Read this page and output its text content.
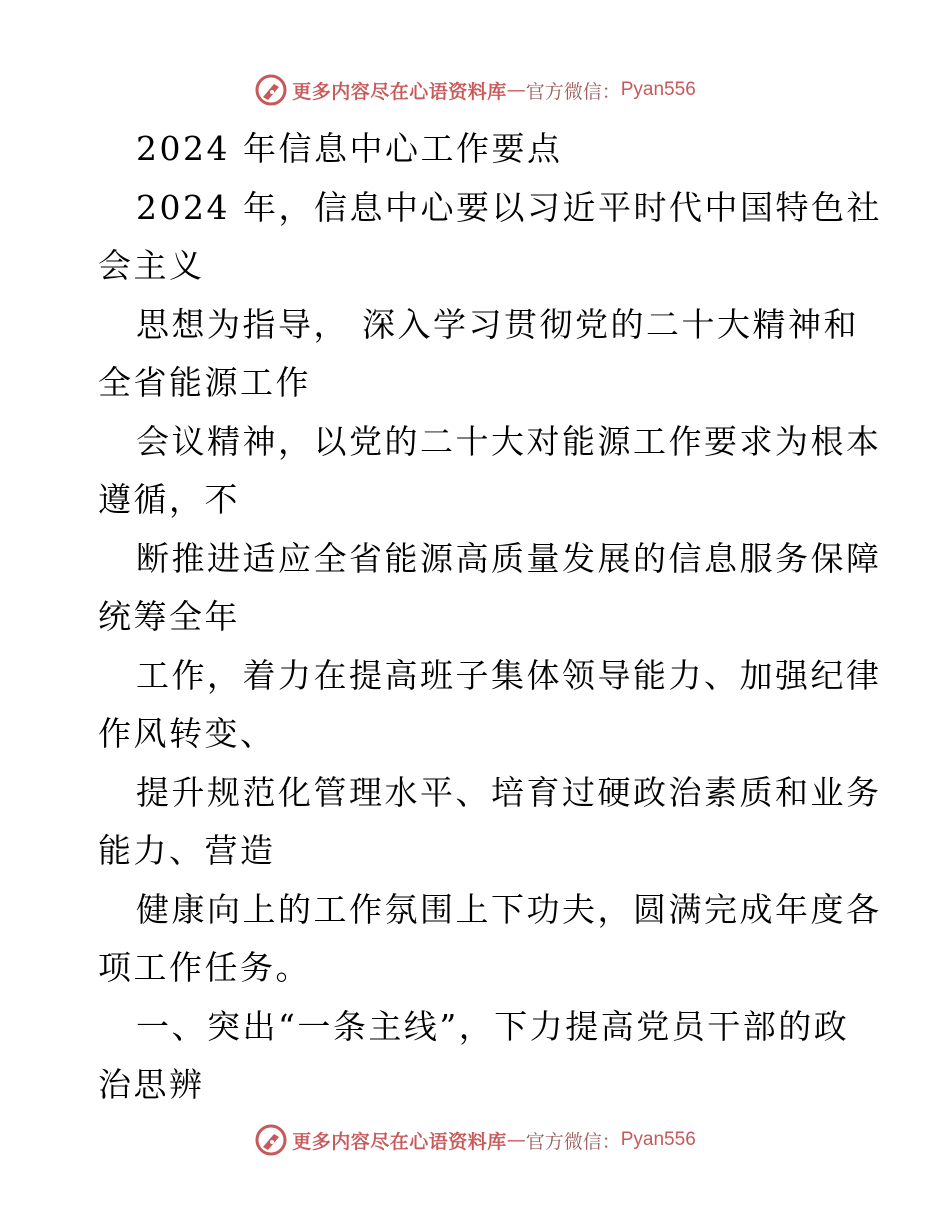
更多内容尽在心语资料库 — 官方微信： Pyan556
2024 年信息中心工作要点
2024 年，信息中心要以习近平时代中国特色社
会主义
思想为指导， 深入学习贯彻党的二十大精神和
全省能源工作
会议精神，以党的二十大对能源工作要求为根本
遵循，不
断推进适应全省能源高质量发展的信息服务保障
统筹全年
工作，着力在提高班子集体领导能力、加强纪律
作风转变、
提升规范化管理水平、培育过硬政治素质和业务
能力、营造
健康向上的工作氛围上下功夫，圆满完成年度各
项工作任务。
一、突出“一条主线”，下力提高党员干部的政
治思辨
更多内容尽在心语资料库 — 官方微信： Pyan556
